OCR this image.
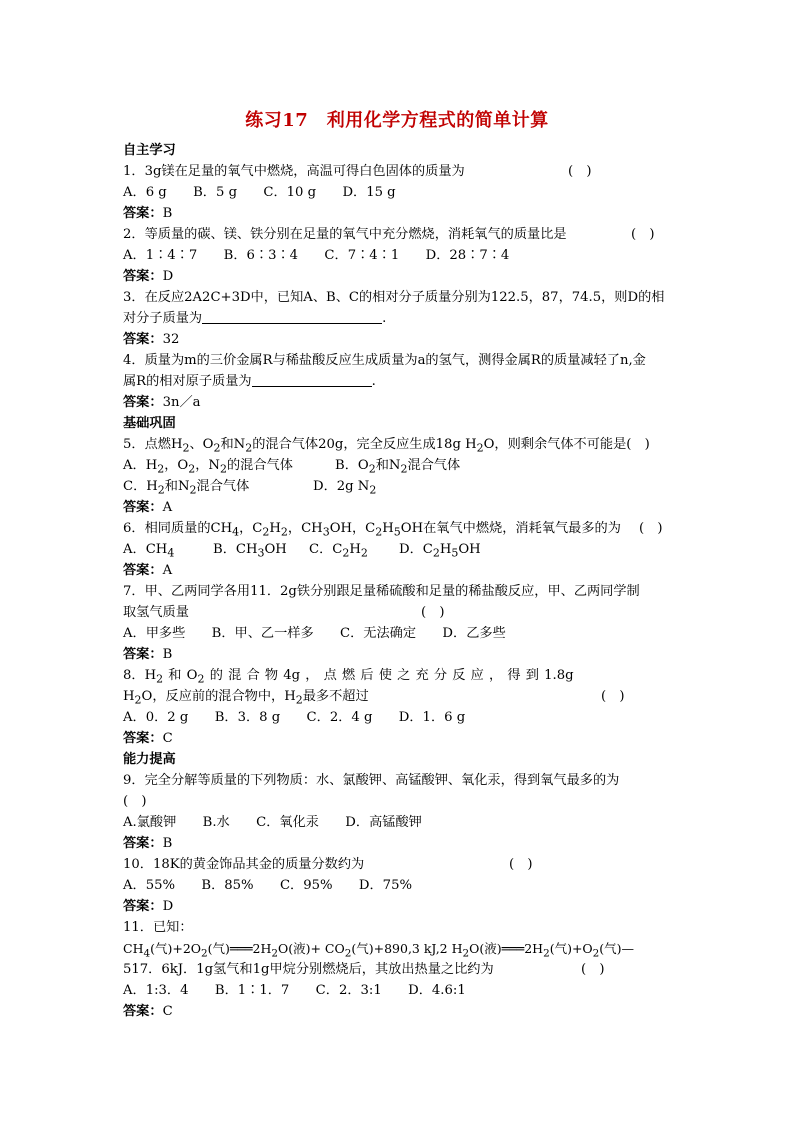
练习17　利用化学方程式的简单计算
自主学习
1．3g镁在足量的氧气中燃烧，高温可得白色固体的质量为	(　)
A．6 g　　B．5 g　　C．10 g　　D．15 g
答案：B
2．等质量的碳、镁、铁分别在足量的氧气中充分燃烧，消耗氧气的质量比是	(　)
A．1∶4∶7　　B．6∶3∶4　　C．7∶4∶1　　D．28∶7∶4
答案：D
3．在反应2A2C+3D中，已知A、B、C的相对分子质量分别为122.5，87，74.5，则D的相
对分子质量为	.
答案：32
4．质量为m的三价金属R与稀盐酸反应生成质量为a的氢气，测得金属R的质量减轻了n,金
属R的相对原子质量为	.
答案：3n／a
基础巩固
5．点燃$H_2$、$O_2$和$N_2$的混合气体20g，完全反应生成18g $H_2O$，则剩余气体不可能是(　)
A．$H_2$，$O_2$，$N_2$的混合气体	B．$O_2$和$N_2$混合气体
C．$H_2$和$N_2$混合气体	D．2g $N_2$
答案：A
6．相同质量的$CH_4$，$C_2H_2$，$CH_3OH$，$C_2H_5OH$在氧气中燃烧，消耗氧气最多的为 (　)
A．$CH_4$	B．$CH_3OH$ C．$C_2H_2$ D．$C_2H_5OH$
答案：A
7．甲、乙两同学各用11．2g铁分别跟足量稀硫酸和足量的稀盐酸反应，甲、乙两同学制
取氢气质量	(　)
A．甲多些　　B．甲、乙一样多　　C．无法确定　　D．乙多些
答案：B
8．$H_2$ 和 $O_2$ 的 混 合 物 4g ， 点 燃 后 使 之 充 分 反 应 ， 得 到 1.8g
$H_2O$，反应前的混合物中，$H_2$最多不超过	(　)
A．0．2 g　　B．3．8 g　　C．2．4 g　　D．1．6 g
答案：C
能力提高
9．完全分解等质量的下列物质：水、氯酸钾、高锰酸钾、氧化汞，得到氧气最多的为
(　)
A.氯酸钾　　B.水　　C．氧化汞　　D．高锰酸钾
答案：B
10．18K的黄金饰品其金的质量分数约为	(　)
A．55%　　B．85%　　C．95%　　D．75%
答案：D
11．已知：
$CH_4$(气)$+2O_2$(气)$═══2H_2O$(液)+ $CO_2$(气)+890,3 kJ,2 $H_2O$(液)$═══2H_2$(气)$+O_2$(气)—
517．6kJ．1g氢气和1g甲烷分别燃烧后，其放出热量之比约为	(　)
A．1:3．4　　B．1∶1．7　　C．2．3:1　　D．4.6:1
答案：C
